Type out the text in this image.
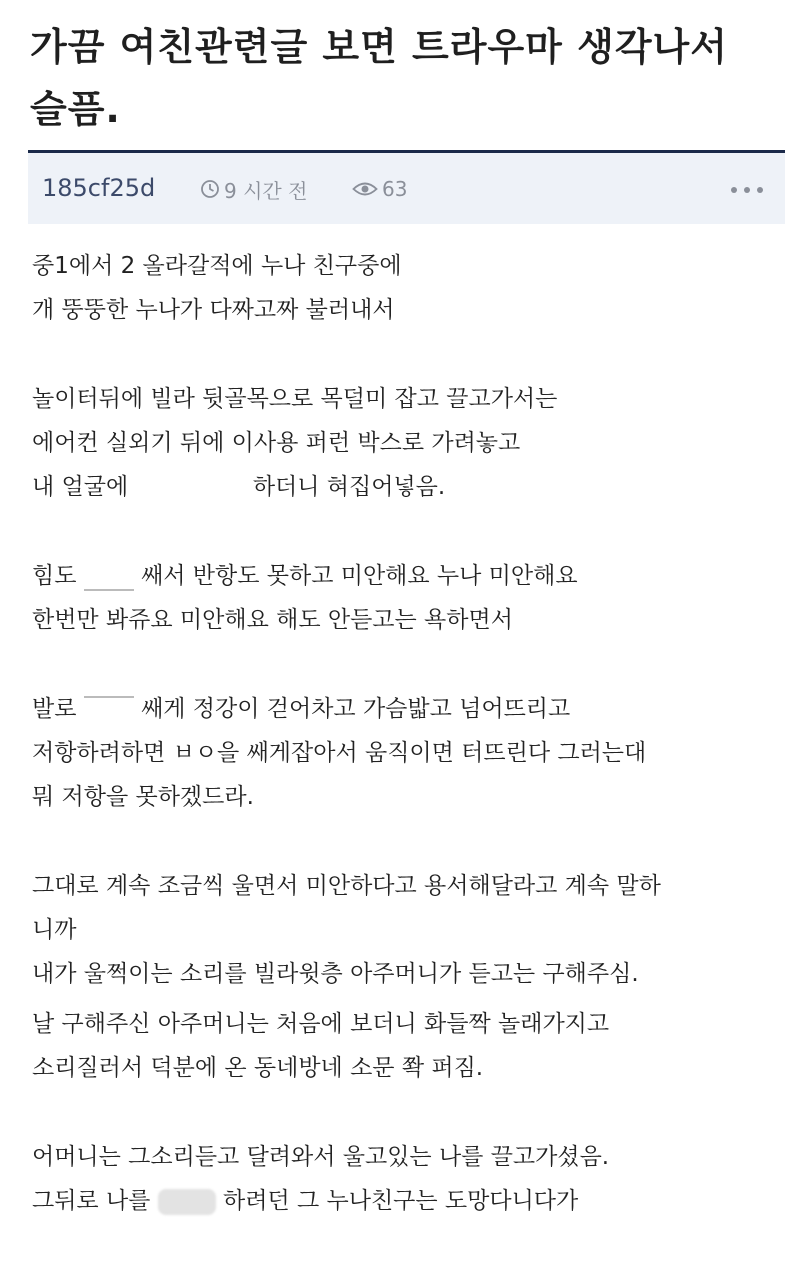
가끔 여친관련글 보면 트라우마 생각나서 슬픔.
185cf25d	9 시간 전	63
중1에서 2 올라갈적에 누나 친구중에
개 뚱뚱한 누나가 다짜고짜 불러내서
놀이터뒤에 빌라 뒷골목으로 목덜미 잡고 끌고가서는
에어컨 실외기 뒤에 이사용 퍼런 박스로 가려놓고
내 얼굴에	하더니 혀집어넣음.
힘도	쌔서 반항도 못하고 미안해요 누나 미안해요
한번만 봐쥬요 미안해요 해도 안듣고는 욕하면서
발로	쌔게 정강이 걷어차고 가슴밟고 넘어뜨리고
저항하려하면 ㅂㅇ을 쌔게잡아서 움직이면 터뜨린다 그러는대
뭐 저항을 못하겠드라.
그대로 계속 조금씩 울면서 미안하다고 용서해달라고 계속 말하
니까
내가 울쩍이는 소리를 빌라윗층 아주머니가 듣고는 구해주심.
날 구해주신 아주머니는 처음에 보더니 화들짝 놀래가지고
소리질러서 덕분에 온 동네방네 소문 쫙 퍼짐.
어머니는 그소리듣고 달려와서 울고있는 나를 끌고가셨음.
그뒤로 나를	하려던 그 누나친구는 도망다니다가
